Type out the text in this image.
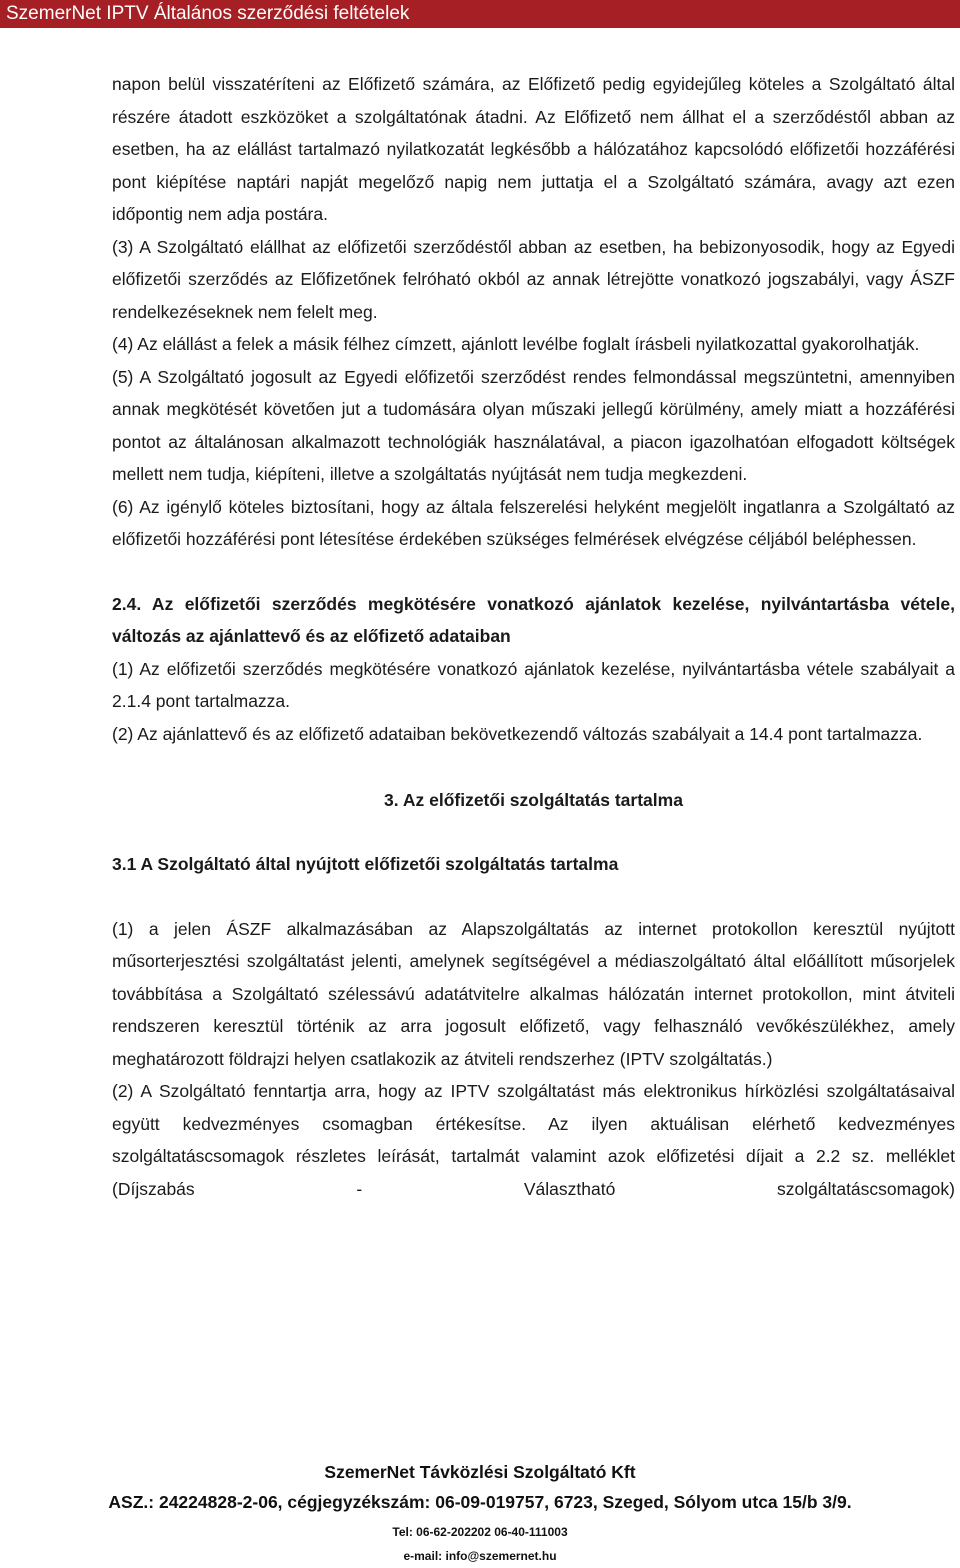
SzemerNet IPTV Általános szerződési feltételek

napon belül visszatéríteni az Előfizető számára, az Előfizető pedig egyidejűleg köteles a Szolgáltató által részére átadott eszközöket a szolgáltatónak átadni. Az Előfizető nem állhat el a szerződéstől abban az esetben, ha az elállást tartalmazó nyilatkozatát legkésőbb a hálózatához kapcsolódó előfizetői hozzáférési pont kiépítése naptári napját megelőző napig nem juttatja el a Szolgáltató számára, avagy azt ezen időpontig nem adja postára.

(3) A Szolgáltató elállhat az előfizetői szerződéstől abban az esetben, ha bebizonyosodik, hogy az Egyedi előfizetői szerződés az Előfizetőnek felróható okból az annak létrejötte vonatkozó jogszabályi, vagy ÁSZF rendelkezéseknek nem felelt meg.

(4) Az elállást a felek a másik félhez címzett, ajánlott levélbe foglalt írásbeli nyilatkozattal gyakorolhatják.

(5) A Szolgáltató jogosult az Egyedi előfizetői szerződést rendes felmondással megszüntetni, amennyiben annak megkötését követően jut a tudomására olyan műszaki jellegű körülmény, amely miatt a hozzáférési pontot az általánosan alkalmazott technológiák használatával, a piacon igazolhatóan elfogadott költségek mellett nem tudja, kiépíteni, illetve a szolgáltatás nyújtását nem tudja megkezdeni.

(6) Az igénylő köteles biztosítani, hogy az általa felszerelési helyként megjelölt ingatlanra a Szolgáltató az előfizetői hozzáférési pont létesítése érdekében szükséges felmérések elvégzése céljából beléphessen.

2.4. Az előfizetői szerződés megkötésére vonatkozó ajánlatok kezelése, nyilvántartásba vétele, változás az ajánlattevő és az előfizető adataiban

(1) Az előfizetői szerződés megkötésére vonatkozó ajánlatok kezelése, nyilvántartásba vétele szabályait a 2.1.4 pont tartalmazza.

(2) Az ajánlattevő és az előfizető adataiban bekövetkezendő változás szabályait a 14.4 pont tartalmazza.

3. Az előfizetői szolgáltatás tartalma

3.1 A Szolgáltató által nyújtott előfizetői szolgáltatás tartalma

(1) a jelen ÁSZF alkalmazásában az Alapszolgáltatás az internet protokollon keresztül nyújtott műsorterjesztési szolgáltatást jelenti, amelynek segítségével a médiaszolgáltató által előállított műsorjelek továbbítása a Szolgáltató szélessávú adatátvitelre alkalmas hálózatán internet protokollon, mint átviteli rendszeren keresztül történik az arra jogosult előfizető, vagy felhasználó vevőkészülékhez, amely meghatározott földrajzi helyen csatlakozik az átviteli rendszerhez (IPTV szolgáltatás.)

(2) A Szolgáltató fenntartja arra, hogy az IPTV szolgáltatást más elektronikus hírközlési szolgáltatásaival együtt kedvezményes csomagban értékesítse. Az ilyen aktuálisan elérhető kedvezményes szolgáltatáscsomagok részletes leírását, tartalmát valamint azok előfizetési díjait a 2.2 sz. melléklet (Díjszabás - Választható szolgáltatáscsomagok)

SzemerNet Távközlési Szolgáltató Kft
ASZ.: 24224828-2-06, cégjegyzékszám: 06-09-019757, 6723, Szeged, Sólyom utca 15/b 3/9.
Tel: 06-62-202202 06-40-111003
e-mail: info@szemernet.hu
